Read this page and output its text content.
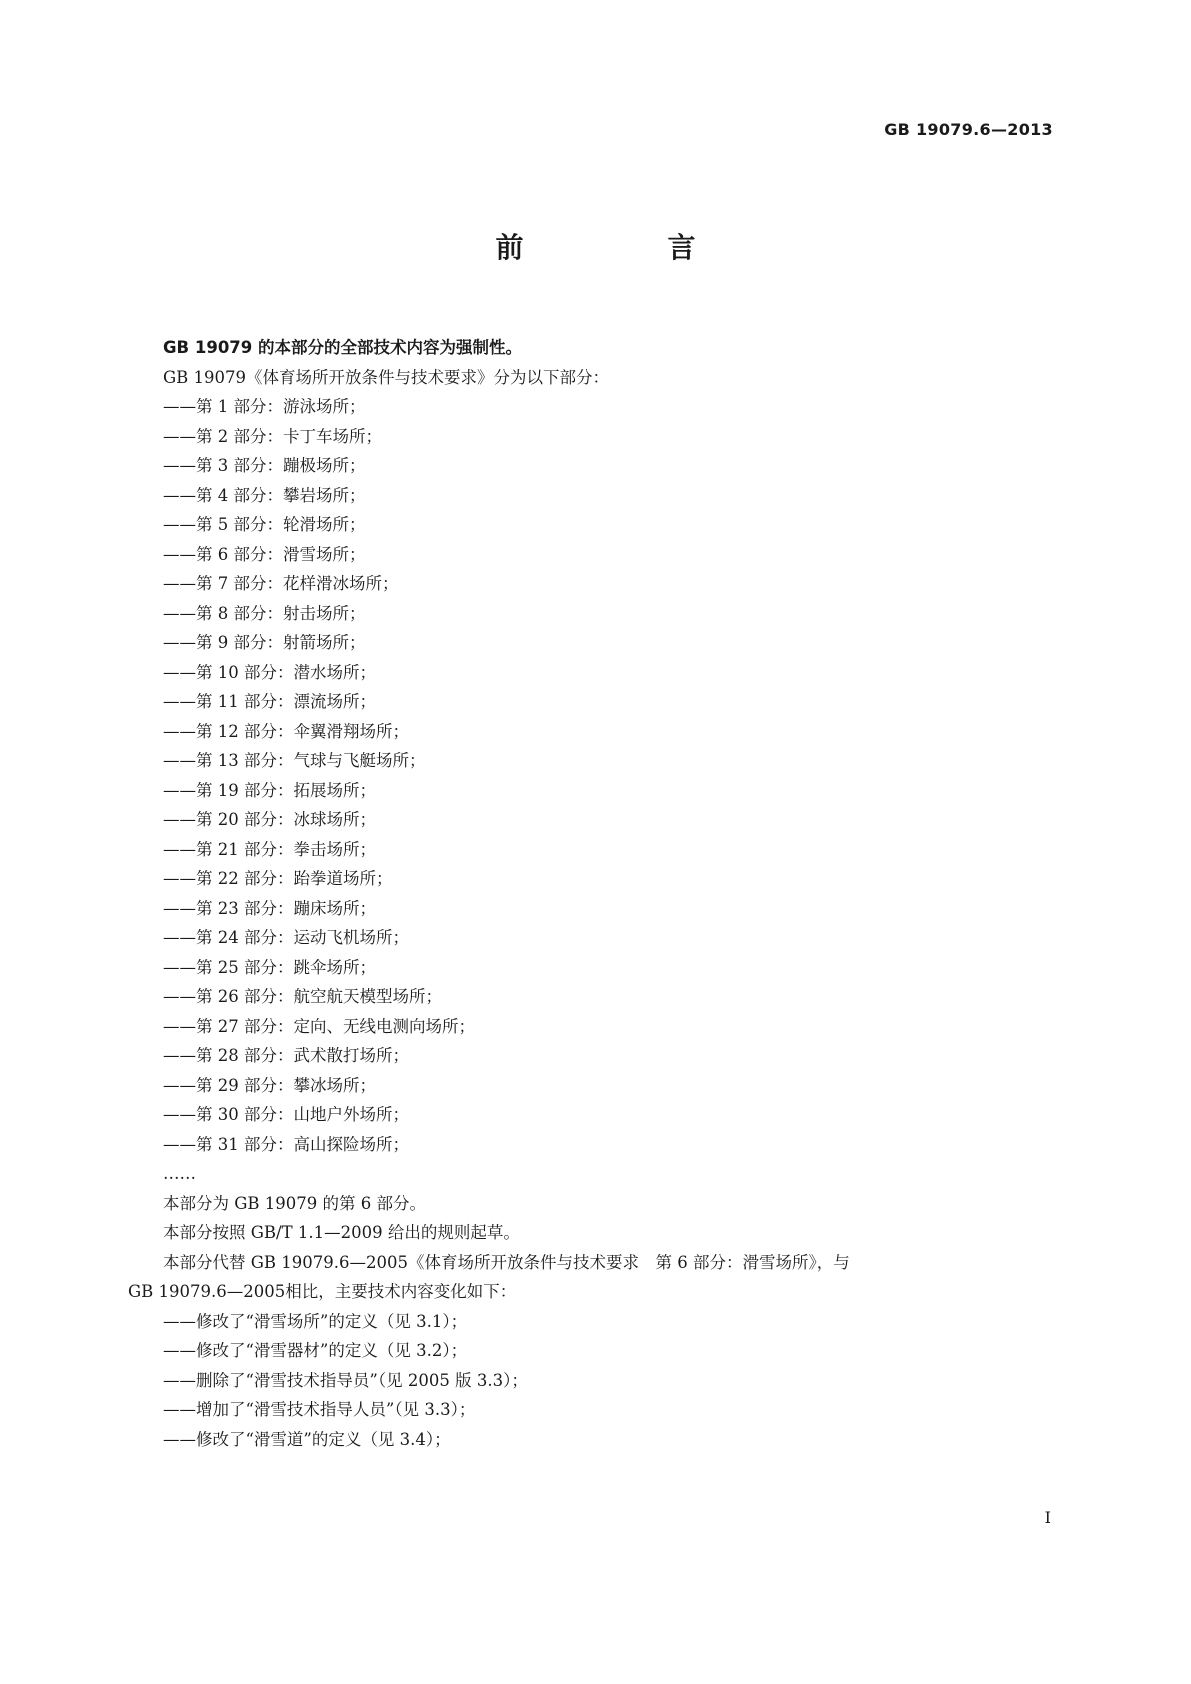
GB 19079.6—2013
前　言
GB 19079 的本部分的全部技术内容为强制性。
GB 19079《体育场所开放条件与技术要求》分为以下部分：
——第 1 部分：游泳场所；
——第 2 部分：卡丁车场所；
——第 3 部分：蹦极场所；
——第 4 部分：攀岩场所；
——第 5 部分：轮滑场所；
——第 6 部分：滑雪场所；
——第 7 部分：花样滑冰场所；
——第 8 部分：射击场所；
——第 9 部分：射箭场所；
——第 10 部分：潜水场所；
——第 11 部分：漂流场所；
——第 12 部分：伞翼滑翔场所；
——第 13 部分：气球与飞艇场所；
——第 19 部分：拓展场所；
——第 20 部分：冰球场所；
——第 21 部分：拳击场所；
——第 22 部分：跆拳道场所；
——第 23 部分：蹦床场所；
——第 24 部分：运动飞机场所；
——第 25 部分：跳伞场所；
——第 26 部分：航空航天模型场所；
——第 27 部分：定向、无线电测向场所；
——第 28 部分：武术散打场所；
——第 29 部分：攀冰场所；
——第 30 部分：山地户外场所；
——第 31 部分：高山探险场所；
……
本部分为 GB 19079 的第 6 部分。
本部分按照 GB/T 1.1—2009 给出的规则起草。
本部分代替 GB 19079.6—2005《体育场所开放条件与技术要求　第 6 部分：滑雪场所》，与
GB 19079.6—2005相比，主要技术内容变化如下：
——修改了“滑雪场所”的定义（见 3.1）；
——修改了“滑雪器材”的定义（见 3.2）；
——删除了“滑雪技术指导员”（见 2005 版 3.3）；
——增加了“滑雪技术指导人员”（见 3.3）；
——修改了“滑雪道”的定义（见 3.4）；
I
